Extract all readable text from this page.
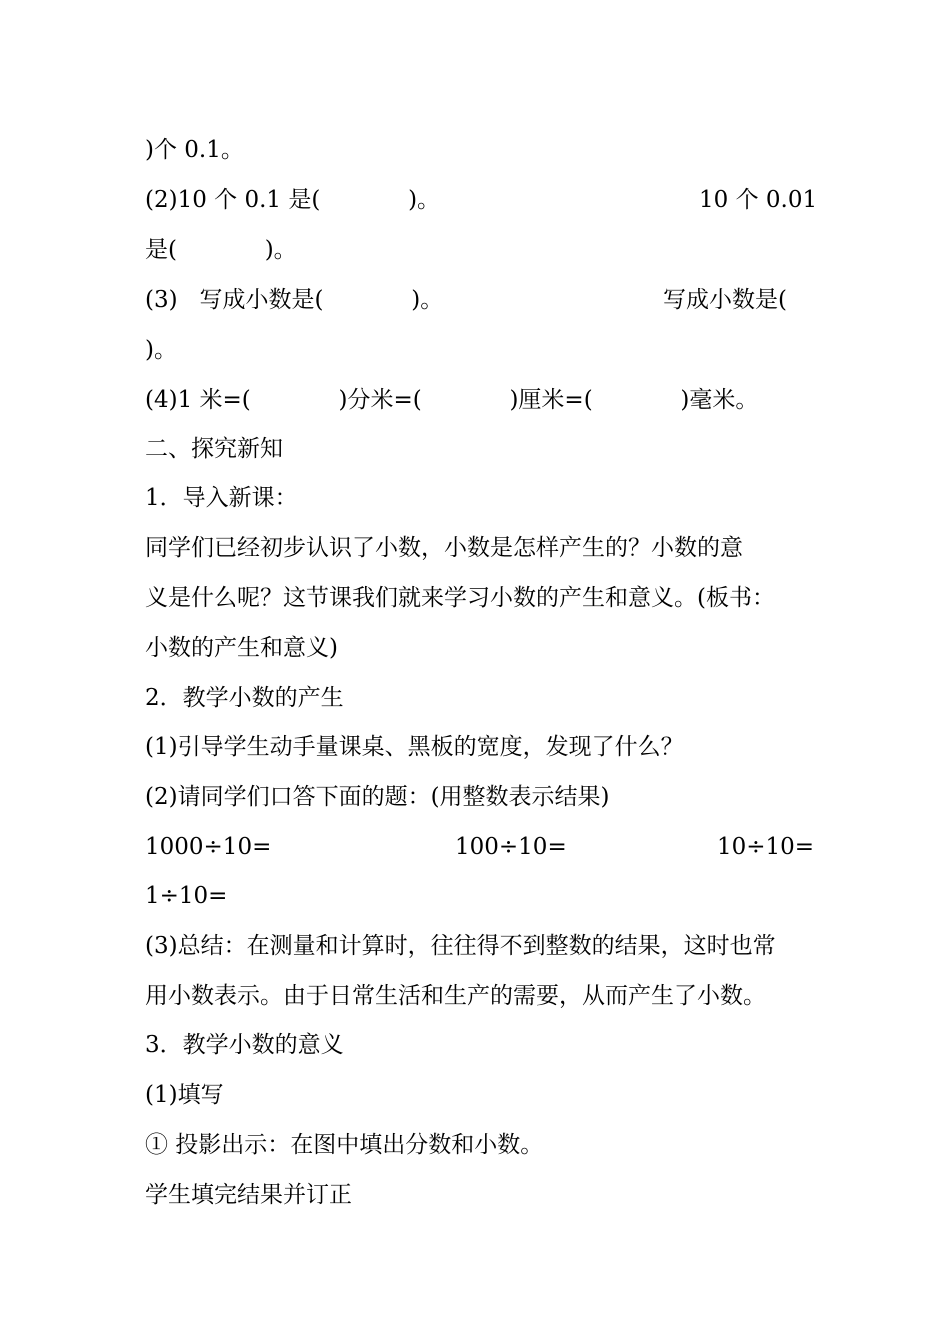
)个 0.1。
(2)10 个 0.1 是(            )。	10 个 0.01
是(            )。
(3)   写成小数是(            )。	写成小数是(
)。
(4)1 米=(            )分米=(            )厘米=(            )毫米。
二、探究新知
1．导入新课：
同学们已经初步认识了小数，小数是怎样产生的？小数的意
义是什么呢？这节课我们就来学习小数的产生和意义。(板书：
小数的产生和意义)
2．教学小数的产生
(1)引导学生动手量课桌、黑板的宽度，发现了什么？
(2)请同学们口答下面的题：(用整数表示结果)
1000÷10=	100÷10=	10÷10=
1÷10=
(3)总结：在测量和计算时，往往得不到整数的结果，这时也常
用小数表示。由于日常生活和生产的需要，从而产生了小数。
3．教学小数的意义
(1)填写
① 投影出示：在图中填出分数和小数。
学生填完结果并订正
